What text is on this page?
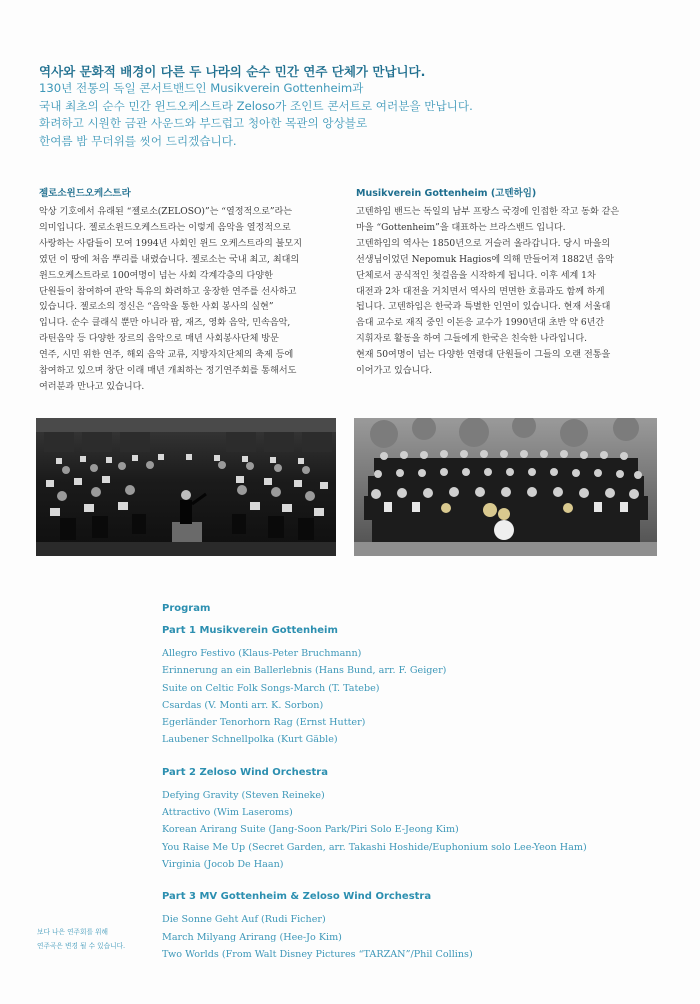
역사와 문화적 배경이 다른 두 나라의 순수 민간 연주 단체가 만납니다.
130년 전통의 독일 콘서트밴드인 Musikverein Gottenheim과
국내 최초의 순수 민간 윈드오케스트라 Zeloso가 조인트 콘서트로 여러분을 만납니다.
화려하고 시원한 금관 사운드와 부드럽고 청아한 목관의 앙상블로
한여름 밤 무더위를 씻어 드리겠습니다.
젤로소윈드오케스트라
악상 기호에서 유래된 “젤로소(ZELOSO)”는 “열정적으로”라는
의미입니다. 젤로소윈드오케스트라는 이렇게 음악을 열정적으로
사랑하는 사람들이 모여 1994년 사회인 윈드 오케스트라의 불모지
였던 이 땅에 처음 뿌리를 내렸습니다. 젤로소는 국내 최고, 최대의
윈드오케스트라로 100여명이 넘는 사회 각계각층의 다양한
단원들이 참여하여 관악 특유의 화려하고 웅장한 연주를 선사하고
있습니다. 젤로소의 정신은 “음악을 통한 사회 봉사의 실현”
입니다. 순수 클래식 뿐만 아니라 팝, 재즈, 영화 음악, 민속음악,
라틴음악 등 다양한 장르의 음악으로 매년 사회봉사단체 방문
연주, 시민 위한 연주, 해외 음악 교류, 지방자치단체의 축제 등에
참여하고 있으며 창단 이래 매년 개최하는 정기연주회를 통해서도
여러분과 만나고 있습니다.
Musikverein Gottenheim (고텐하임)
고텐하임 밴드는 독일의 남부 프랑스 국경에 인접한 작고 동화 같은
마을 “Gottenheim”을 대표하는 브라스밴드 입니다.
고텐하임의 역사는 1850년으로 거슬러 올라갑니다. 당시 마을의
선생님이었던 Nepomuk Hagios에 의해 만들어져 1882년 음악
단체로서 공식적인 첫걸음을 시작하게 됩니다. 이후 세계 1차
대전과 2차 대전을 거치면서 역사의 면면한 흐름과도 함께 하게
됩니다. 고텐하임은 한국과 특별한 인연이 있습니다. 현재 서울대
음대 교수로 재직 중인 이돈응 교수가 1990년대 초반 약 6년간
지휘자로 활동을 하여 그들에게 한국은 친숙한 나라입니다.
현재 50여명이 넘는 다양한 연령대 단원들이 그들의 오랜 전통을
이어가고 있습니다.
Program
Part 1 Musikverein Gottenheim
Allegro Festivo (Klaus-Peter Bruchmann)
Erinnerung an ein Ballerlebnis (Hans Bund, arr. F. Geiger)
Suite on Celtic Folk Songs-March (T. Tatebe)
Csardas (V. Monti arr. K. Sorbon)
Egerländer Tenorhorn Rag (Ernst Hutter)
Laubener Schnellpolka (Kurt Gäble)
Part 2 Zeloso Wind Orchestra
Defying Gravity (Steven Reineke)
Attractivo (Wim Laseroms)
Korean Arirang Suite (Jang-Soon Park/Piri Solo E-Jeong Kim)
You Raise Me Up (Secret Garden, arr. Takashi Hoshide/Euphonium solo Lee-Yeon Ham)
Virginia (Jocob De Haan)
Part 3 MV Gottenheim & Zeloso Wind Orchestra
Die Sonne Geht Auf (Rudi Ficher)
March Milyang Arirang (Hee-Jo Kim)
Two Worlds (From Walt Disney Pictures “TARZAN”/Phil Collins)
보다 나은 연주회를 위해
연주곡은 변경 될 수 있습니다.
